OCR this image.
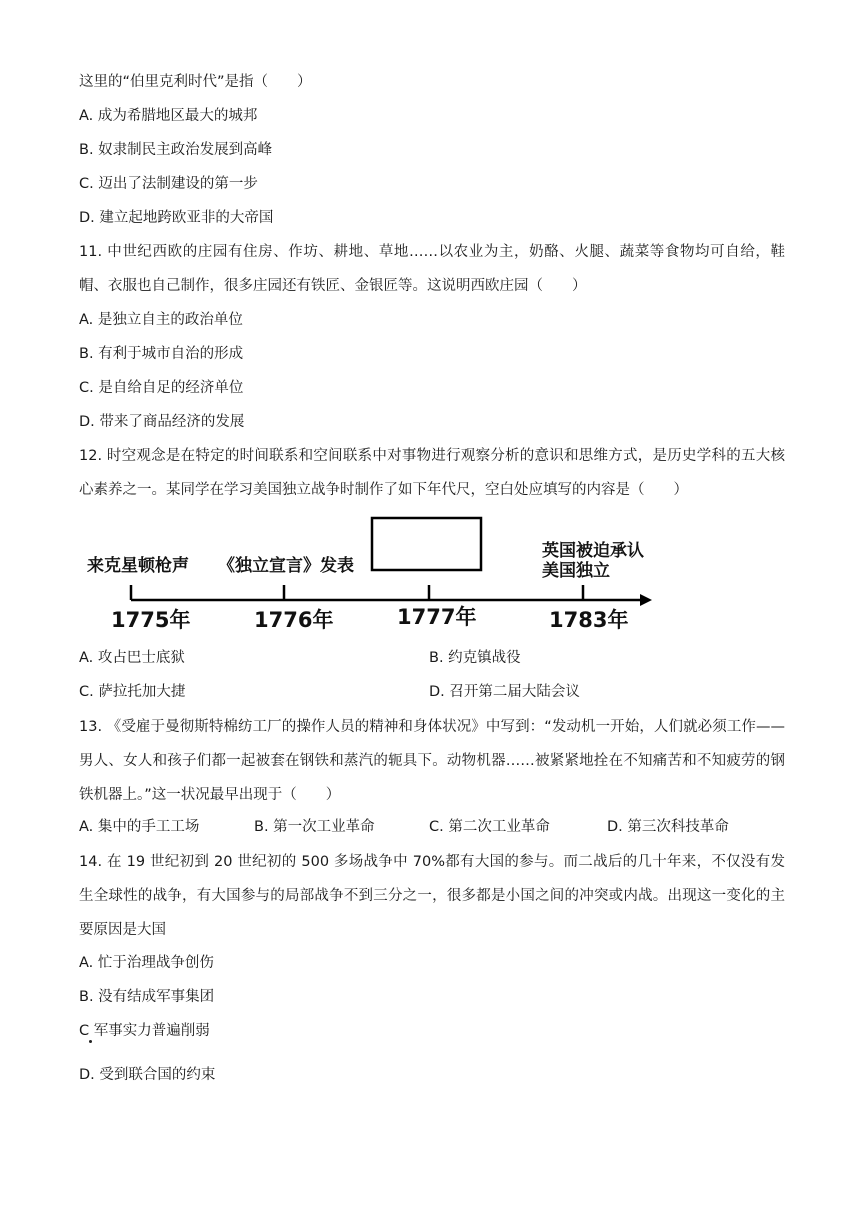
这里的“伯里克利时代”是指（　　）
A. 成为希腊地区最大的城邦
B. 奴隶制民主政治发展到高峰
C. 迈出了法制建设的第一步
D. 建立起地跨欧亚非的大帝国
11. 中世纪西欧的庄园有住房、作坊、耕地、草地……以农业为主，奶酪、火腿、蔬菜等食物均可自给，鞋帽、衣服也自己制作，很多庄园还有铁匠、金银匠等。这说明西欧庄园（　　）
A. 是独立自主的政治单位
B. 有利于城市自治的形成
C. 是自给自足的经济单位
D. 带来了商品经济的发展
12. 时空观念是在特定的时间联系和空间联系中对事物进行观察分析的意识和思维方式，是历史学科的五大核心素养之一。某同学在学习美国独立战争时制作了如下年代尺，空白处应填写的内容是（　　）
来克星顿枪声 《独立宣言》发表
英国被迫承认
美国独立
1775年	1776年	1777年	1783年
A. 攻占巴士底狱	B. 约克镇战役
C. 萨拉托加大捷	D. 召开第二届大陆会议
13. 《受雇于曼彻斯特棉纺工厂的操作人员的精神和身体状况》中写到：“发动机一开始，人们就必须工作——男人、女人和孩子们都一起被套在钢铁和蒸汽的轭具下。动物机器……被紧紧地拴在不知痛苦和不知疲劳的钢铁机器上。”这一状况最早出现于（　　）
A. 集中的手工工场	B. 第一次工业革命	C. 第二次工业革命	D. 第三次科技革命
14. 在 19 世纪初到 20 世纪初的 500 多场战争中 70%都有大国的参与。而二战后的几十年来，不仅没有发生全球性的战争，有大国参与的局部战争不到三分之一，很多都是小国之间的冲突或内战。出现这一变化的主要原因是大国
A. 忙于治理战争创伤
B. 没有结成军事集团
C 军事实力普遍削弱
D. 受到联合国的约束
